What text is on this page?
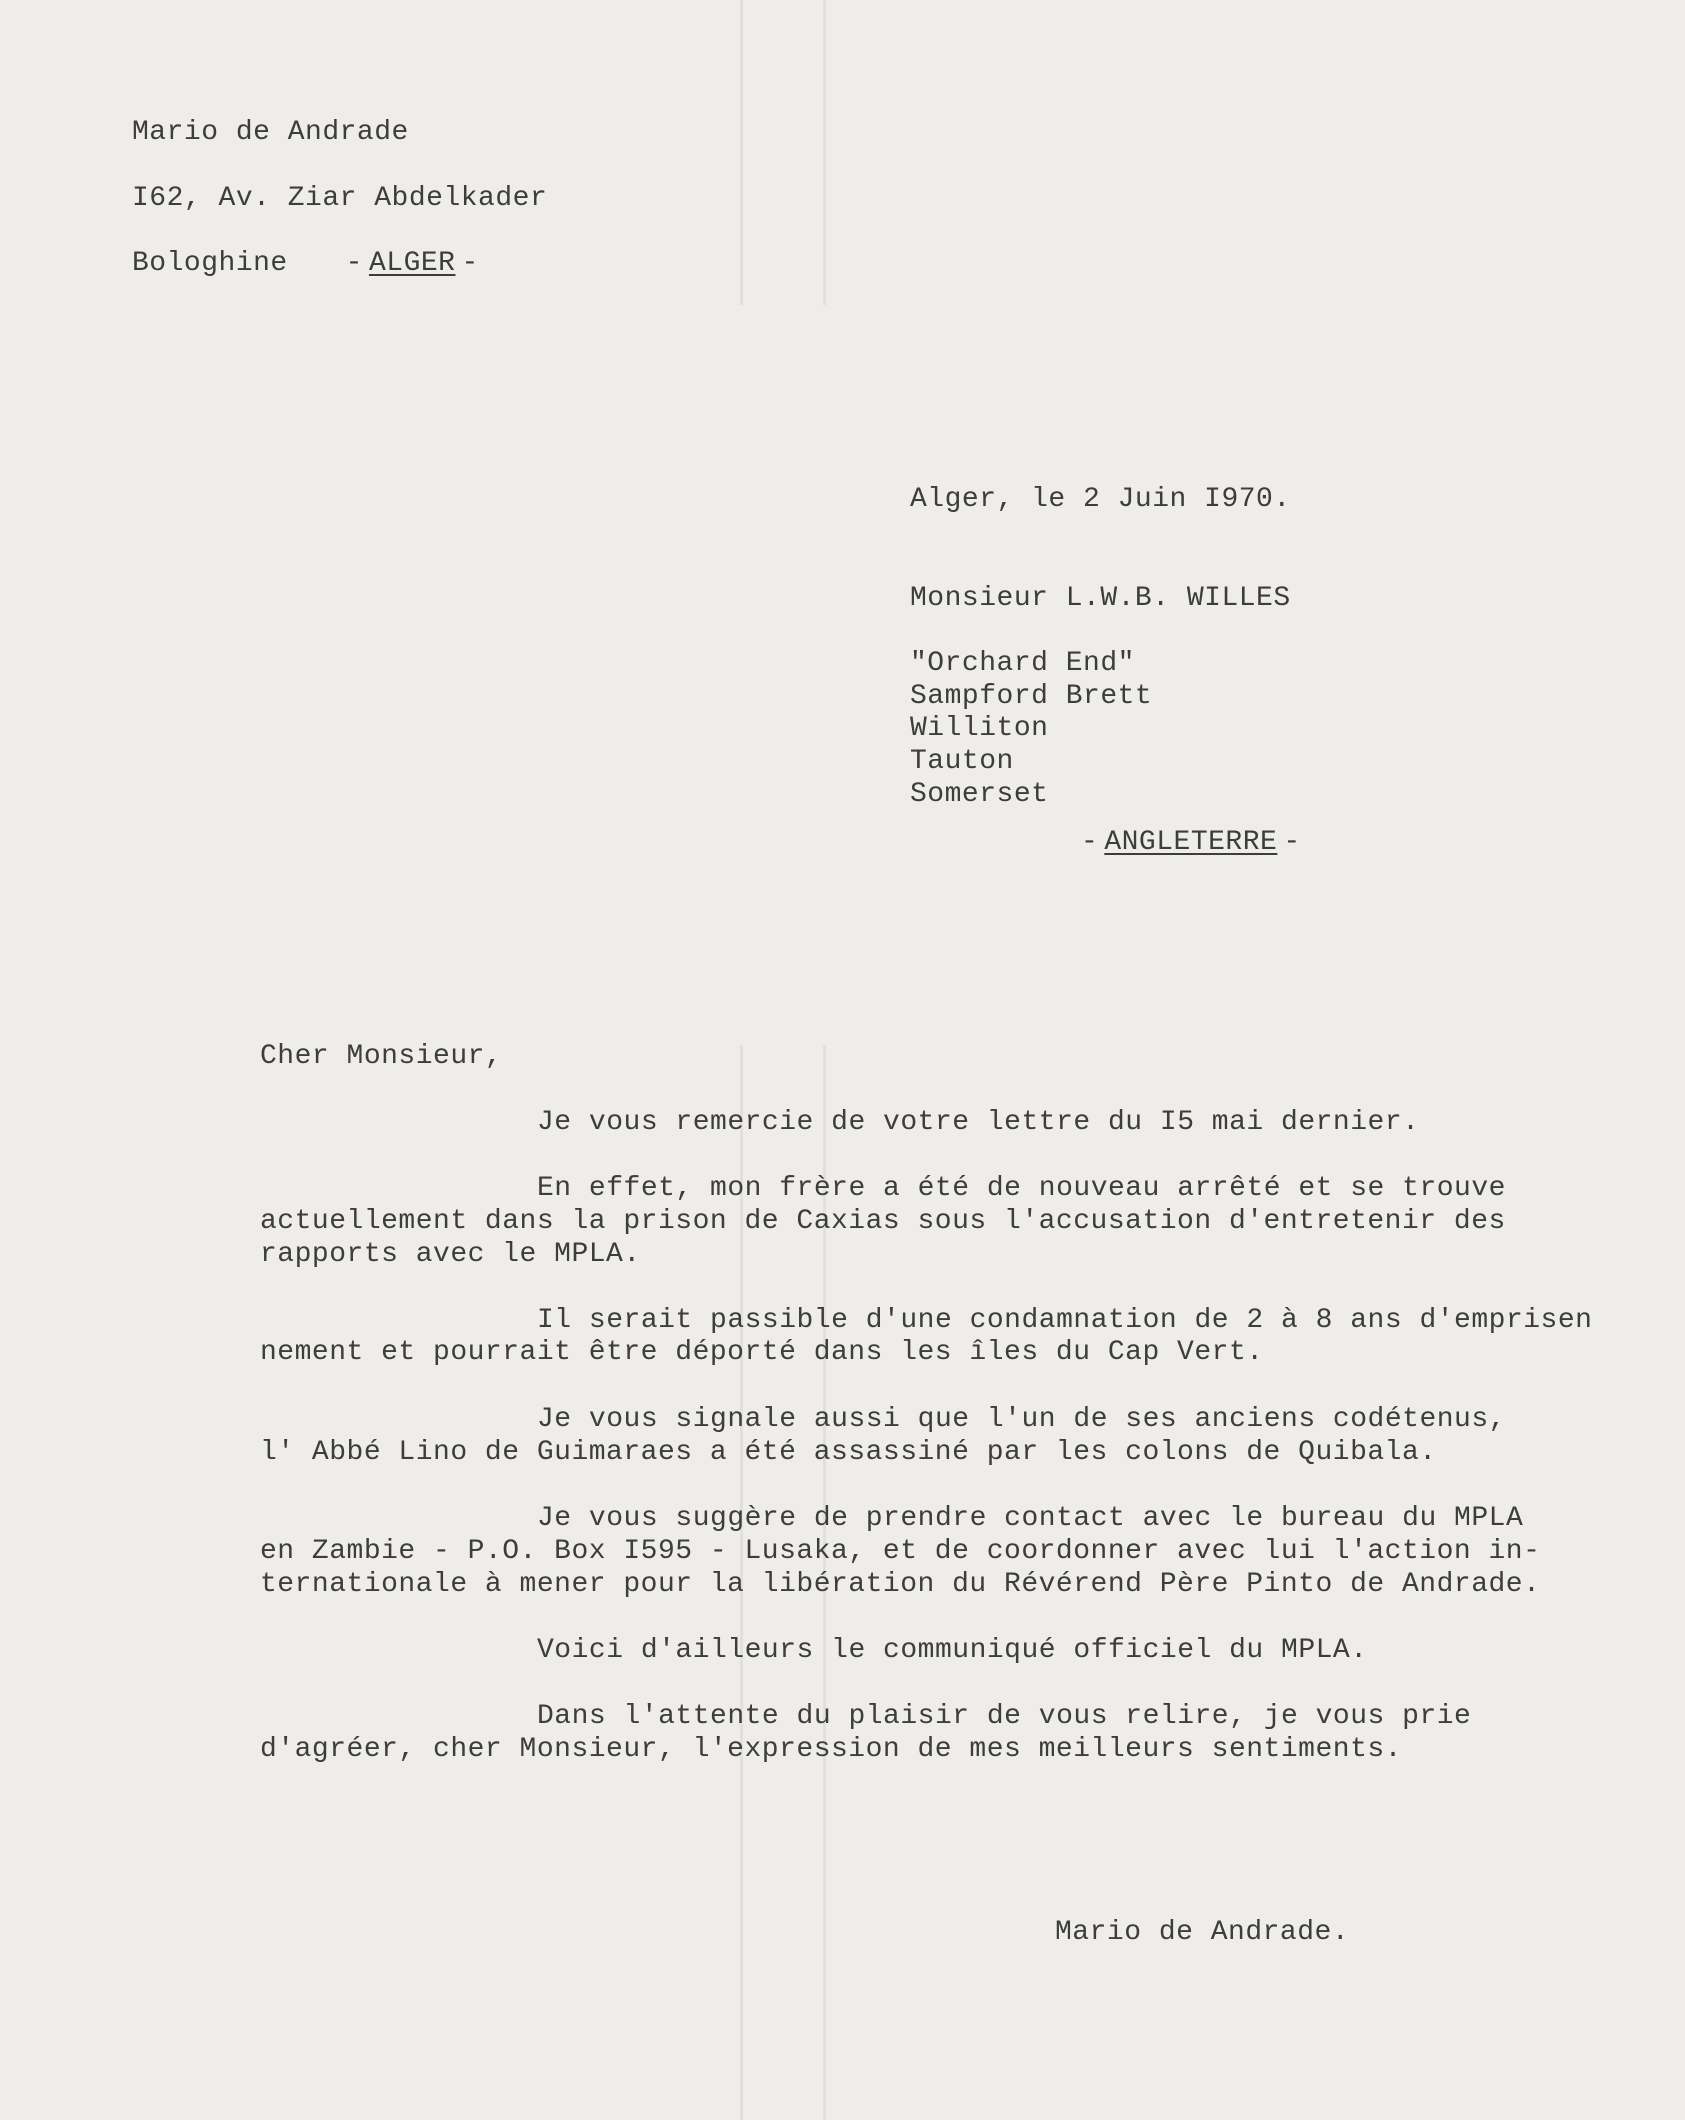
Mario de Andrade
I62, Av. Ziar Abdelkader
Bologhine - ALGER -
Alger, le 2 Juin I970.
Monsieur L.W.B. WILLES
"Orchard End"
Sampford Brett
Williton
Tauton
Somerset
- ANGLETERRE -
Cher Monsieur,
Je vous remercie de votre lettre du I5 mai dernier.
En effet, mon frère a été de nouveau arrêté et se trouve
actuellement dans la prison de Caxias sous l'accusation d'entretenir des
rapports avec le MPLA.
Il serait passible d'une condamnation de 2 à 8 ans d'emprisen
nement et pourrait être déporté dans les îles du Cap Vert.
Je vous signale aussi que l'un de ses anciens codétenus,
l' Abbé Lino de Guimaraes a été assassiné par les colons de Quibala.
Je vous suggère de prendre contact avec le bureau du MPLA
en Zambie - P.O. Box I595 - Lusaka, et de coordonner avec lui l'action in-
ternationale à mener pour la libération du Révérend Père Pinto de Andrade.
Voici d'ailleurs le communiqué officiel du MPLA.
Dans l'attente du plaisir de vous relire, je vous prie
d'agréer, cher Monsieur, l'expression de mes meilleurs sentiments.
Mario de Andrade.
